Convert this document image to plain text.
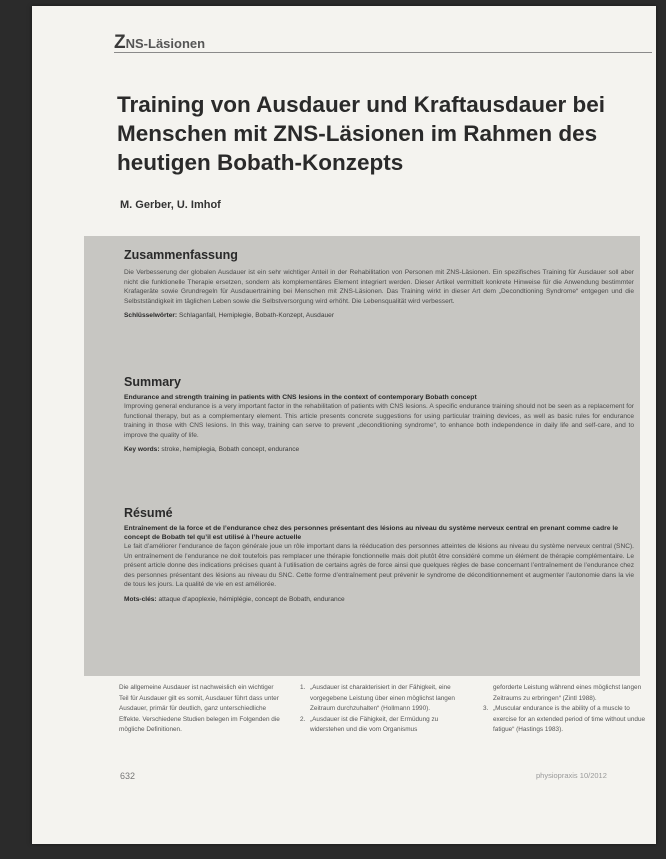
ZNS-Läsionen
Training von Ausdauer und Kraftausdauer bei Menschen mit ZNS-Läsionen im Rahmen des heutigen Bobath-Konzepts
M. Gerber, U. Imhof
Zusammenfassung

Die Verbesserung der globalen Ausdauer ist ein sehr wichtiger Anteil in der Rehabilitation von Personen mit ZNS-Läsionen. Ein spezifisches Training für Ausdauer soll aber nicht die funktionelle Therapie ersetzen, sondern als komplementäres Element integriert werden. Dieser Artikel vermittelt konkrete Hinweise für die Anwendung bestimmter Krafageräte sowie Grundregeln für Ausdauertraining bei Menschen mit ZNS-Läsionen. Das Training wirkt in dieser Art dem „Decondtioning Syndrome“ entgegen und die Selbstständigkeit im täglichen Leben sowie die Selbstversorgung wird erhöht. Die Lebensqualität wird verbessert.

Schlüsselwörter: Schlaganfall, Hemiplegie, Bobath-Konzept, Ausdauer
Summary

Endurance and strength training in patients with CNS lesions in the context of contemporary Bobath concept

Improving general endurance is a very important factor in the rehabilitation of patients with CNS lesions. A specific endurance training should not be seen as a replacement for functional therapy, but as a complementary element. This article presents concrete suggestions for using particular training devices, as well as basic rules for endurance training in those with CNS lesions. In this way, training can serve to prevent „deconditioning syndrome“, to enhance both independence in daily life and self-care, and to improve the quality of life.

Key words: stroke, hemiplegia, Bobath concept, endurance
Résumé

Entraînement de la force et de l’endurance chez des personnes présentant des lésions au niveau du système nerveux central en prenant comme cadre le concept de Bobath tel qu’il est utilisé à l’heure actuelle

Le fait d’améliorer l’endurance de façon générale joue un rôle important dans la rééducation des personnes atteintes de lésions au niveau du système nerveux central (SNC). Un entraînement de l’endurance ne doit toutefois pas remplacer une thérapie fonctionnelle mais doit plutôt être considéré comme un élément de thérapie complémentaire. Le présent article donne des indications précises quant à l’utilisation de certains agrès de force ainsi que quelques règles de base concernant l’entraînement de l’endurance chez des personnes présentant des lésions au niveau du SNC. Cette forme d’entraînement peut prévenir le syndrome de déconditionnement et augmenter l’autonomie dans la vie de tous les jours. La qualité de vie en est améliorée.

Mots-clés: attaque d’apoplexie, hémiplégie, concept de Bobath, endurance
Die allgemeine Ausdauer ist nachweislich ein wichtiger Teil für Ausdauer gilt es somit, Ausdauer führt dass unter Ausdauer, primär für deutlich, ganz unterschiedliche Effekte. Verschiedene Studien belegen im Folgenden die mögliche Definitionen.
1. „Ausdauer ist charakterisiert in der Fähigkeit, eine vorgegebene Leistung über einen möglichst langen Zeitraum durchzuhalten“ (Hollmann 1990).
2. „Ausdauer ist die Fähigkeit, der Ermüdung zu widerstehen und die vom Organismus
geforderte Leistung während eines möglichst langen Zeitraums zu erbringen“ (Zintl 1988).
3. „Muscular endurance is the ability of a muscle to exercise for an extended period of time without undue fatigue“ (Hastings 1983).
632	physiopraxis 10/2012
